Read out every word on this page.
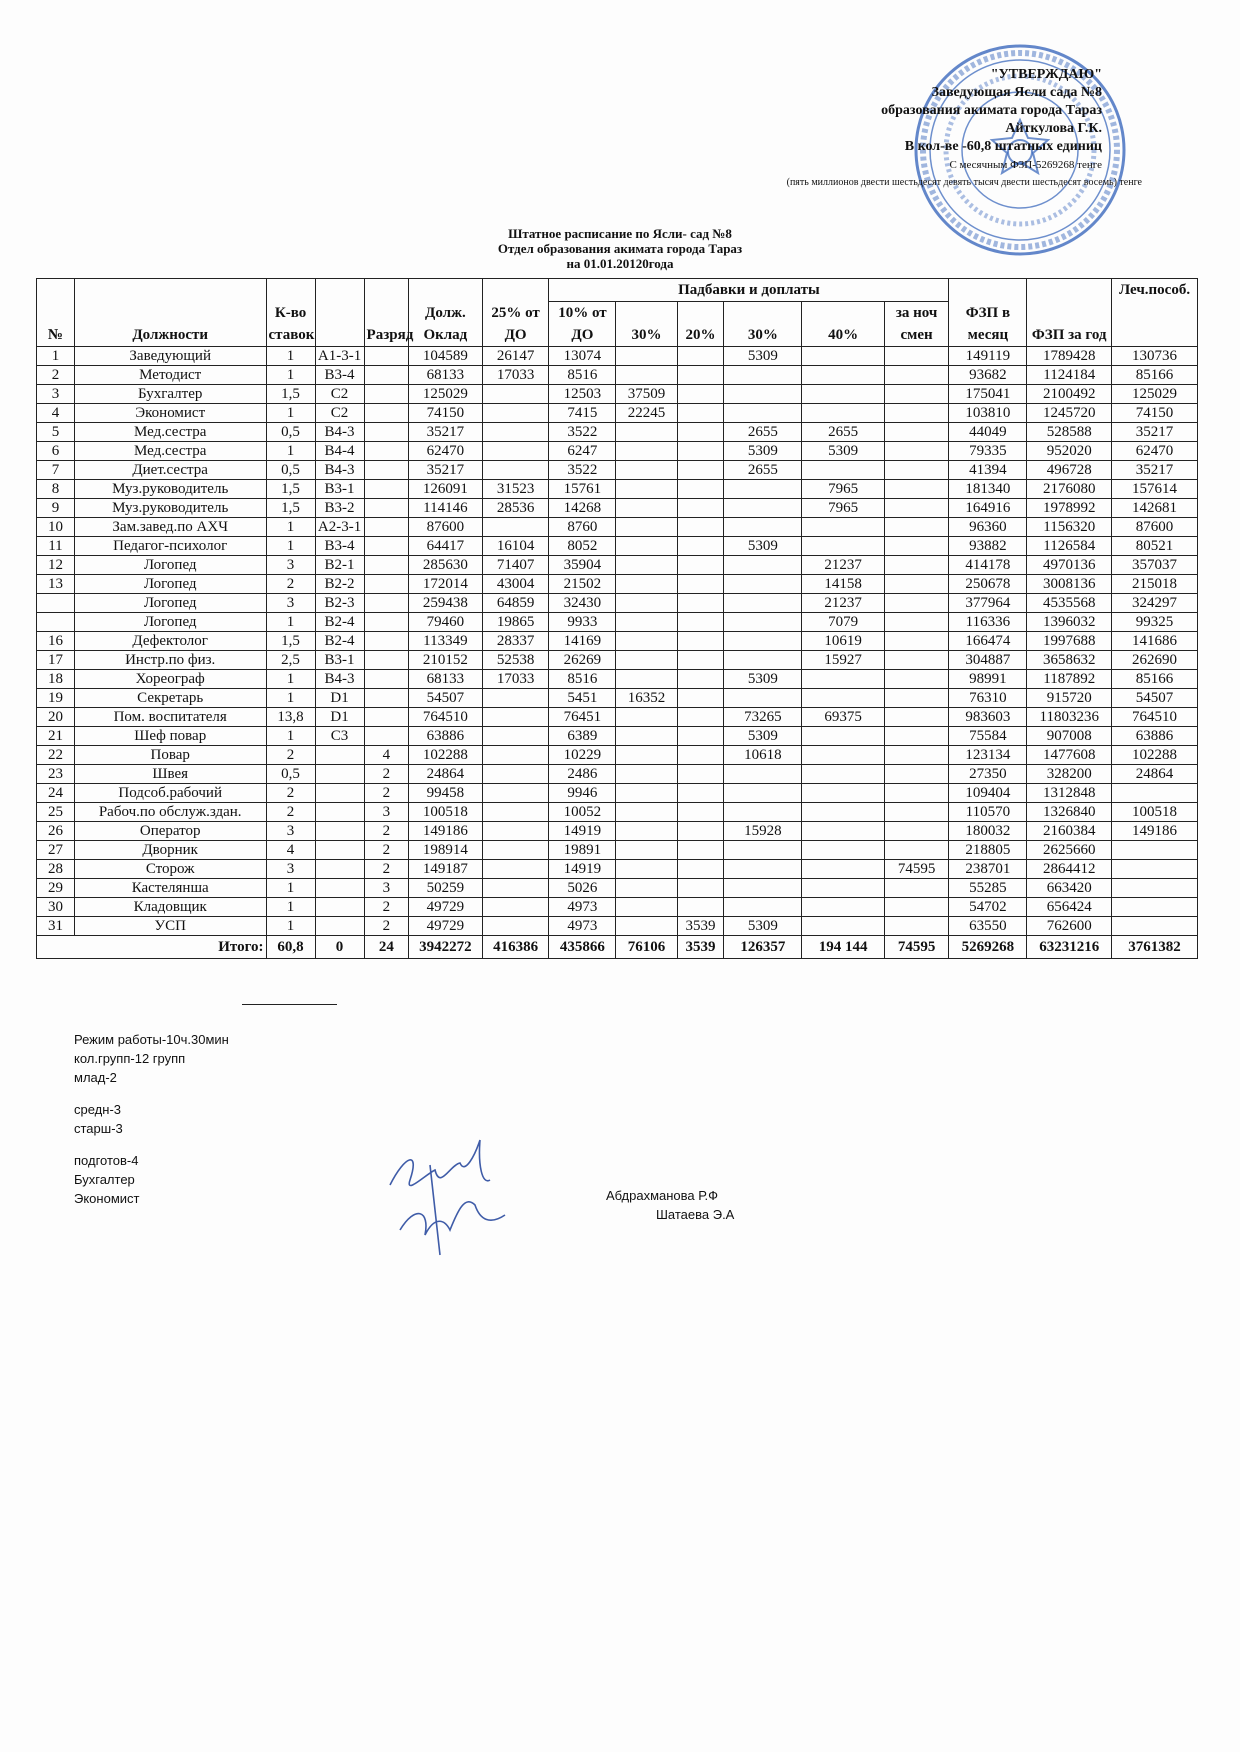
"УТВЕРЖДАЮ"
Заведующая Ясли сада №8
образования акимата города Тараз
Айткулова Г.К.
В кол-ве -60,8 штатных единиц
С месячным ФЗП-5269268 тенге
(пять миллионов двести шестьдесят девять тысяч двести шестьдесят восемь) тенге
Штатное расписание по Ясли- сад №8
Отдел образования акимата города Тараз
на 01.01.20120года
№	Должности	К-во ставок		Разряд	Долж. Оклад	25% от ДО	Падбавки и доплаты						ФЗП в месяц	ФЗП за год	Леч.пособ.
							10% от ДО	30%	20%	30%	40%	за ноч смен			
1	Заведующий	1	А1-3-1		104589	26147	13074			5309			149119	1789428	130736
2	Методист	1	В3-4		68133	17033	8516						93682	1124184	85166
3	Бухгалтер	1,5	С2		125029		12503	37509					175041	2100492	125029
4	Экономист	1	С2		74150		7415	22245					103810	1245720	74150
5	Мед.сестра	0,5	В4-3		35217		3522			2655	2655		44049	528588	35217
6	Мед.сестра	1	В4-4		62470		6247			5309	5309		79335	952020	62470
7	Диет.сестра	0,5	В4-3		35217		3522			2655			41394	496728	35217
8	Муз.руководитель	1,5	В3-1		126091	31523	15761				7965		181340	2176080	157614
9	Муз.руководитель	1,5	В3-2		114146	28536	14268				7965		164916	1978992	142681
10	Зам.завед.по АХЧ	1	А2-3-1		87600		8760						96360	1156320	87600
11	Педагог-психолог	1	В3-4		64417	16104	8052			5309			93882	1126584	80521
12	Логопед	3	В2-1		285630	71407	35904				21237		414178	4970136	357037
13	Логопед	2	В2-2		172014	43004	21502				14158		250678	3008136	215018
	Логопед	3	В2-3		259438	64859	32430				21237		377964	4535568	324297
	Логопед	1	В2-4		79460	19865	9933				7079		116336	1396032	99325
16	Дефектолог	1,5	В2-4		113349	28337	14169				10619		166474	1997688	141686
17	Инстр.по физ.	2,5	В3-1		210152	52538	26269				15927		304887	3658632	262690
18	Хореограф	1	В4-3		68133	17033	8516			5309			98991	1187892	85166
19	Секретарь	1	D1		54507		5451	16352					76310	915720	54507
20	Пом. воспитателя	13,8	D1		764510		76451			73265	69375		983603	11803236	764510
21	Шеф повар	1	С3		63886		6389			5309			75584	907008	63886
22	Повар	2		4	102288		10229			10618			123134	1477608	102288
23	Швея	0,5		2	24864		2486						27350	328200	24864
24	Подсоб.рабочий	2		2	99458		9946						109404	1312848	
25	Рабоч.по обслуж.здан.	2		3	100518		10052						110570	1326840	100518
26	Оператор	3		2	149186		14919			15928			180032	2160384	149186
27	Дворник	4		2	198914		19891						218805	2625660	
28	Сторож	3		2	149187		14919					74595	238701	2864412	
29	Кастелянша	1		3	50259		5026						55285	663420	
30	Кладовщик	1		2	49729		4973						54702	656424	
31	УСП	1		2	49729		4973		3539	5309			63550	762600	
Итого:		60,8	0	24	3942272	416386	435866	76106	3539	126357	194 144	74595	5269268	63231216	3761382
Режим работы-10ч.30мин
кол.групп-12 групп
млад-2
средн-3
старш-3
подготов-4
Бухгалтер
Экономист	Абдрахманова Р.Ф
Шатаева Э.А
